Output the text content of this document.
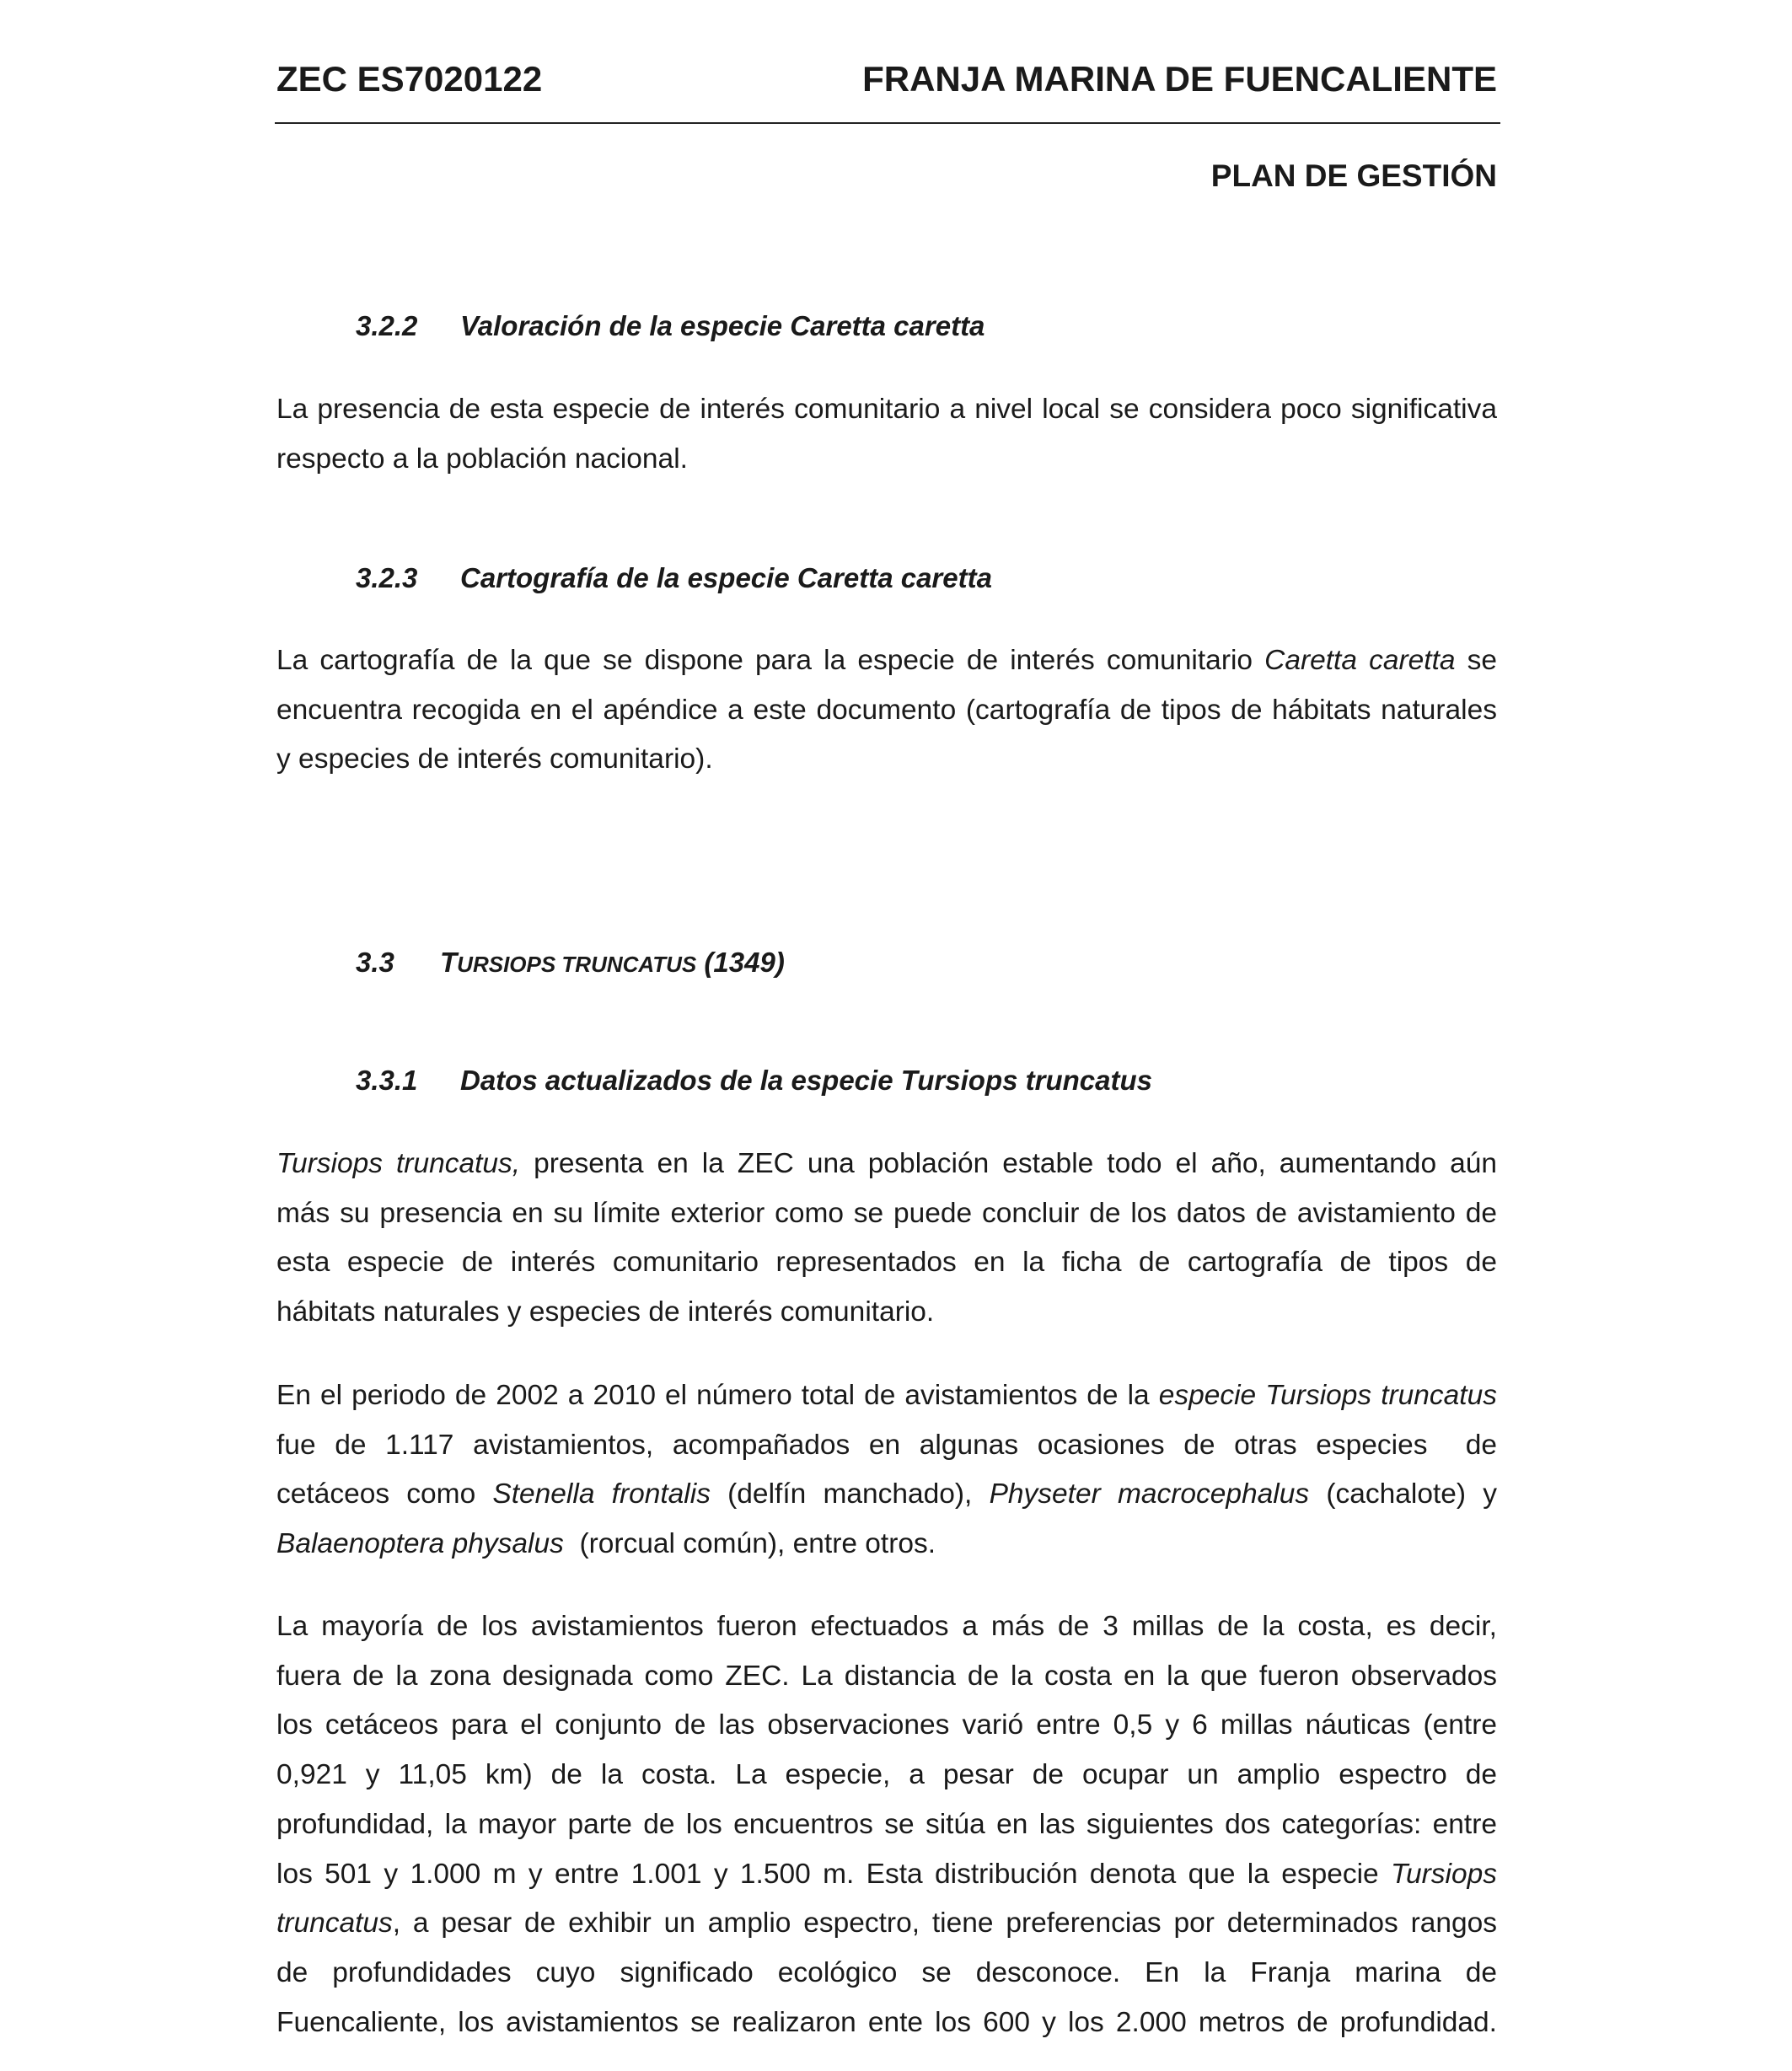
ZEC ES7020122	FRANJA MARINA DE FUENCALIENTE
PLAN DE GESTIÓN
3.2.2 Valoración de la especie Caretta caretta
La presencia de esta especie de interés comunitario a nivel local se considera poco significativa
respecto a la población nacional.
3.2.3 Cartografía de la especie Caretta caretta
La cartografía de la que se dispone para la especie de interés comunitario Caretta caretta se
encuentra recogida en el apéndice a este documento (cartografía de tipos de hábitats naturales
y especies de interés comunitario).
3.3 TURSIOPS TRUNCATUS (1349)
3.3.1 Datos actualizados de la especie Tursiops truncatus
Tursiops truncatus, presenta en la ZEC una población estable todo el año, aumentando aún
más su presencia en su límite exterior como se puede concluir de los datos de avistamiento de
esta especie de interés comunitario representados en la ficha de cartografía de tipos de
hábitats naturales y especies de interés comunitario.
En el periodo de 2002 a 2010 el número total de avistamientos de la especie Tursiops truncatus
fue de 1.117 avistamientos, acompañados en algunas ocasiones de otras especies  de
cetáceos como Stenella frontalis (delfín manchado), Physeter macrocephalus (cachalote) y
Balaenoptera physalus  (rorcual común), entre otros.
La mayoría de los avistamientos fueron efectuados a más de 3 millas de la costa, es decir,
fuera de la zona designada como ZEC. La distancia de la costa en la que fueron observados
los cetáceos para el conjunto de las observaciones varió entre 0,5 y 6 millas náuticas (entre
0,921 y 11,05 km) de la costa. La especie, a pesar de ocupar un amplio espectro de
profundidad, la mayor parte de los encuentros se sitúa en las siguientes dos categorías: entre
los 501 y 1.000 m y entre 1.001 y 1.500 m. Esta distribución denota que la especie Tursiops
truncatus, a pesar de exhibir un amplio espectro, tiene preferencias por determinados rangos
de profundidades cuyo significado ecológico se desconoce. En la Franja marina de
Fuencaliente, los avistamientos se realizaron ente los 600 y los 2.000 metros de profundidad.
